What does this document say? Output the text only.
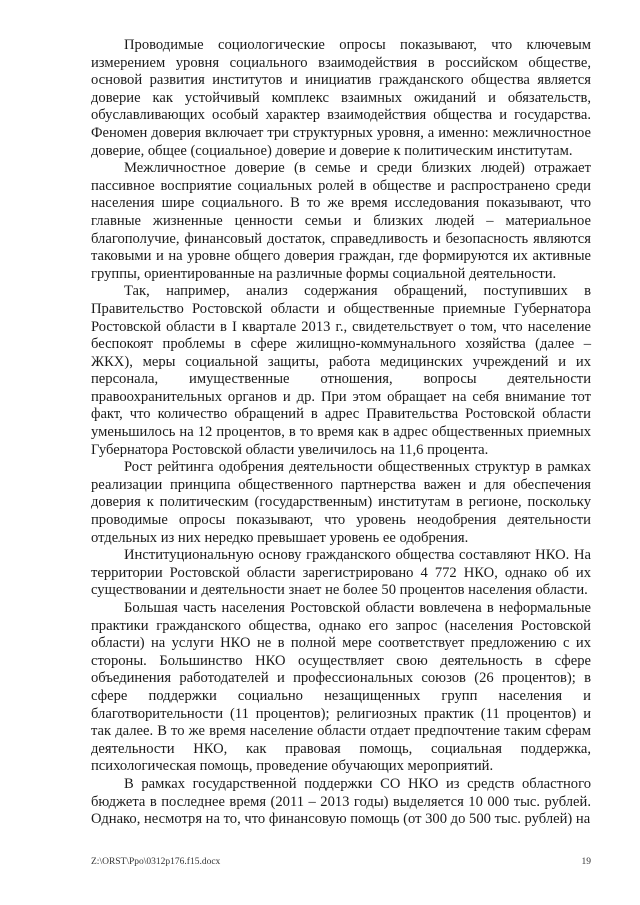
Проводимые социологические опросы показывают, что ключевым измерением уровня социального взаимодействия в российском обществе, основой развития институтов и инициатив гражданского общества является доверие как устойчивый комплекс взаимных ожиданий и обязательств, обуславливающих особый характер взаимодействия общества и государства. Феномен доверия включает три структурных уровня, а именно: межличностное доверие, общее (социальное) доверие и доверие к политическим институтам.

Межличностное доверие (в семье и среди близких людей) отражает пассивное восприятие социальных ролей в обществе и распространено среди населения шире социального. В то же время исследования показывают, что главные жизненные ценности семьи и близких людей – материальное благополучие, финансовый достаток, справедливость и безопасность являются таковыми и на уровне общего доверия граждан, где формируются их активные группы, ориентированные на различные формы социальной деятельности.

Так, например, анализ содержания обращений, поступивших в Правительство Ростовской области и общественные приемные Губернатора Ростовской области в I квартале 2013 г., свидетельствует о том, что население беспокоят проблемы в сфере жилищно-коммунального хозяйства (далее – ЖКХ), меры социальной защиты, работа медицинских учреждений и их персонала, имущественные отношения, вопросы деятельности правоохранительных органов и др. При этом обращает на себя внимание тот факт, что количество обращений в адрес Правительства Ростовской области уменьшилось на 12 процентов, в то время как в адрес общественных приемных Губернатора Ростовской области увеличилось на 11,6 процента.

Рост рейтинга одобрения деятельности общественных структур в рамках реализации принципа общественного партнерства важен и для обеспечения доверия к политическим (государственным) институтам в регионе, поскольку проводимые опросы показывают, что уровень неодобрения деятельности отдельных из них нередко превышает уровень ее одобрения.

Институциональную основу гражданского общества составляют НКО. На территории Ростовской области зарегистрировано 4 772 НКО, однако об их существовании и деятельности знает не более 50 процентов населения области.

Большая часть населения Ростовской области вовлечена в неформальные практики гражданского общества, однако его запрос (населения Ростовской области) на услуги НКО не в полной мере соответствует предложению с их стороны. Большинство НКО осуществляет свою деятельность в сфере объединения работодателей и профессиональных союзов (26 процентов); в сфере поддержки социально незащищенных групп населения и благотворительности (11 процентов); религиозных практик (11 процентов) и так далее. В то же время население области отдает предпочтение таким сферам деятельности НКО, как правовая помощь, социальная поддержка, психологическая помощь, проведение обучающих мероприятий.

В рамках государственной поддержки СО НКО из средств областного бюджета в последнее время (2011 – 2013 годы) выделяется 10 000 тыс. рублей. Однако, несмотря на то, что финансовую помощь (от 300 до 500 тыс. рублей) на

Z:\ORST\Ppo\0312p176.f15.docx	19
